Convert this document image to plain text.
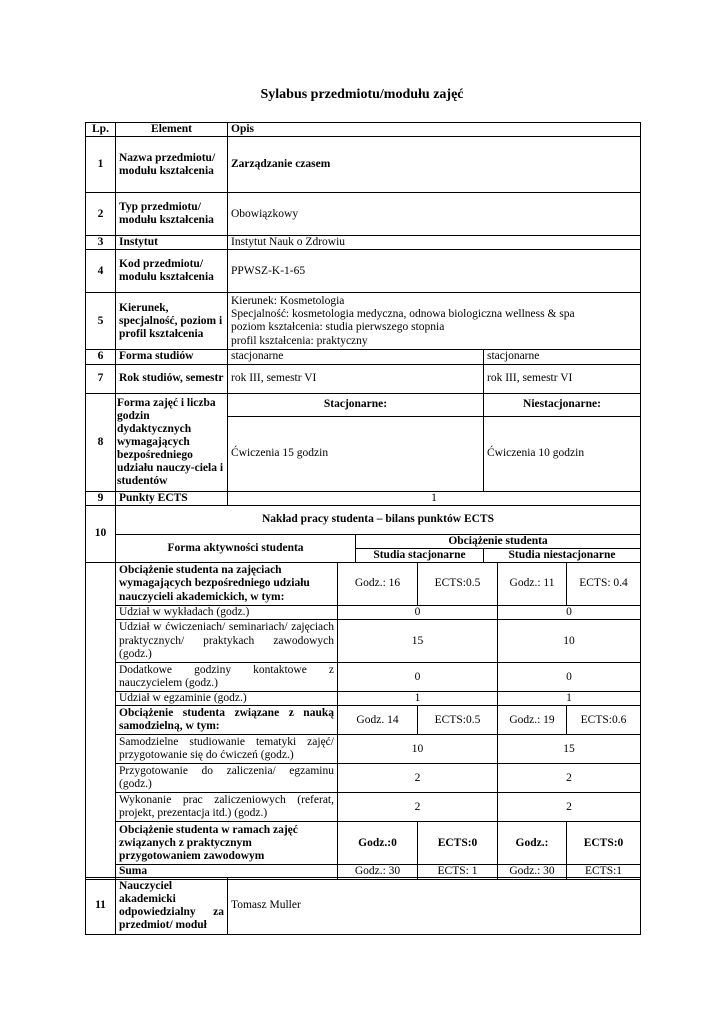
Sylabus przedmiotu/modułu zajęć
Lp.	Element	Opis		
1	Nazwa przedmiotu/ modułu kształcenia	Zarządzanie czasem		
2	Typ przedmiotu/ modułu kształcenia	Obowiązkowy		
3	Instytut	Instytut Nauk o Zdrowiu		
4	Kod przedmiotu/ modułu kształcenia	PPWSZ-K-1-65		
5	Kierunek, specjalność, poziom i profil kształcenia	Kierunek: Kosmetologia
Specjalność: kosmetologia medyczna, odnowa biologiczna wellness & spa
poziom kształcenia: studia pierwszego stopnia
profil kształcenia: praktyczny		

6	Forma studiów	stacjonarne		stacjonarne
7	Rok studiów, semestr	rok III, semestr VI		rok III, semestr VI
8	Forma zajęć i liczba godzin dydaktycznych wymagających bezpośredniego udziału nauczy-ciela i studentów	Stacjonarne:		Niestacjonarne:
		Ćwiczenia 15 godzin		Ćwiczenia 10 godzin
9	Punkty ECTS	1		
10	Nakład pracy studenta – bilans punktów ECTS			
	Forma aktywności studenta		Obciążenie studenta	
			Studia stacjonarne	Studia niestacjonarne
	Obciążenie studenta na zajęciach wymagających bezpośredniego udziału nauczycieli akademickich, w tym:	Godz.: 16	ECTS:0.5	Godz.: 11	ECTS: 0.4
	Udział w wykładach (godz.)	0		0	
	Udział w ćwiczeniach/ seminariach/ zajęciach praktycznych/ praktykach zawodowych (godz.)	15		10	
	Dodatkowe godziny kontaktowe z nauczycielem (godz.)	0		0	
	Udział w egzaminie (godz.)	1		1	
	Obciążenie studenta związane z nauką samodzielną, w tym:	Godz. 14	ECTS:0.5	Godz.: 19	ECTS:0.6
	Samodzielne studiowanie tematyki zajęć/ przygotowanie się do ćwiczeń (godz.)	10		15	
	Przygotowanie do zaliczenia/ egzaminu (godz.)	2		2	
	Wykonanie prac zaliczeniowych (referat, projekt, prezentacja itd.) (godz.)	2		2	
	Obciążenie studenta w ramach zajęć związanych z praktycznym przygotowaniem zawodowym	Godz.:0	ECTS:0	Godz.:	ECTS:0
	Suma	Godz.: 30	ECTS: 1	Godz.: 30	ECTS:1
11	Nauczyciel akademicki odpowiedzialny za przedmiot/ moduł	Tomasz Muller
